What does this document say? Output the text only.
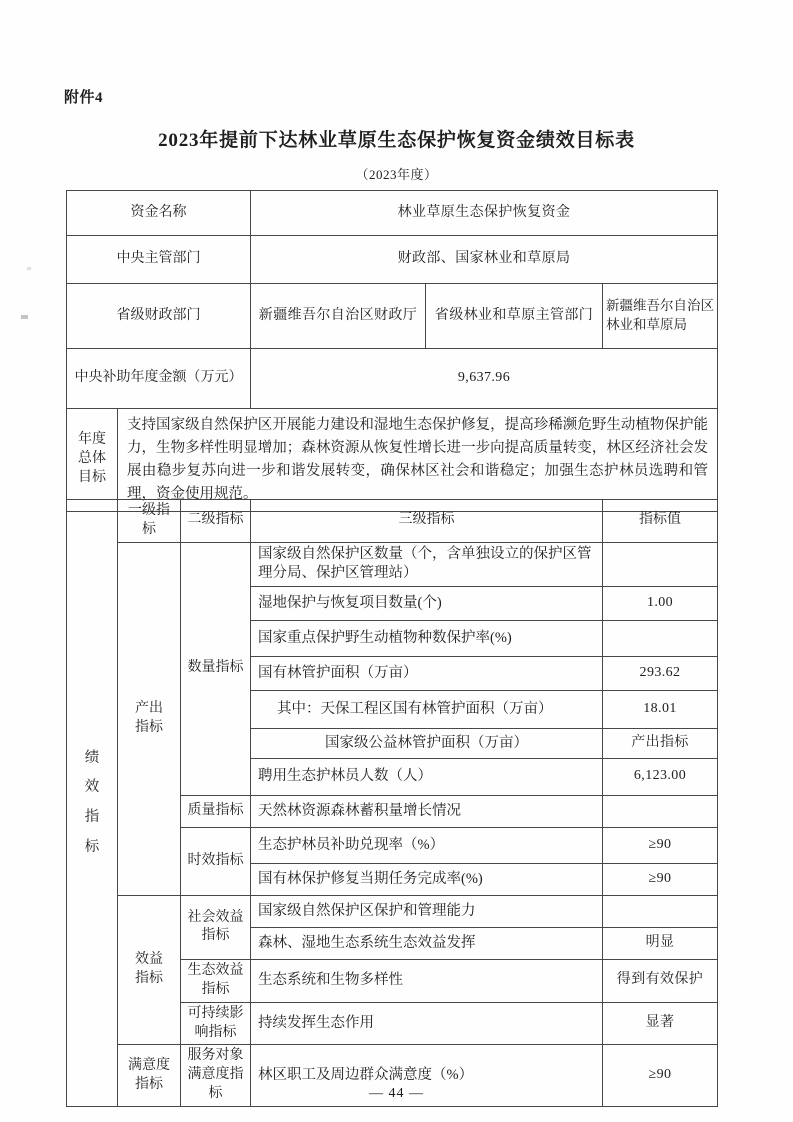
附件4
2023年提前下达林业草原生态保护恢复资金绩效目标表
（2023年度）
资金名称		林业草原生态保护恢复资金		
中央主管部门		财政部、国家林业和草原局		
省级财政部门		新疆维吾尔自治区财政厅	省级林业和草原主管部门	新疆维吾尔自治区林业和草原局
中央补助年度金额（万元）		9,637.96		
年度总体目标	支持国家级自然保护区开展能力建设和湿地生态保护修复，提高珍稀濒危野生动植物保护能力，生物多样性明显增加；森林资源从恢复性增长进一步向提高质量转变，林区经济社会发展由稳步复苏向进一步和谐发展转变，确保林区社会和谐稳定；加强生态护林员选聘和管理，资金使用规范。			
绩效指标	一级指标	二级指标	三级指标	指标值
	产出指标	数量指标	国家级自然保护区数量（个，含单独设立的保护区管理分局、保护区管理站）	
			湿地保护与恢复项目数量(个)	1.00
			国家重点保护野生动植物种数保护率(%)	
			国有林管护面积（万亩）	293.62
			其中：天保工程区国有林管护面积（万亩）	18.01
			国家级公益林管护面积（万亩）	产出指标
			聘用生态护林员人数（人）	6,123.00
		质量指标	天然林资源森林蓄积量增长情况	
		时效指标	生态护林员补助兑现率（%）	≥90
			国有林保护修复当期任务完成率(%)	≥90
	效益指标	社会效益指标	国家级自然保护区保护和管理能力	
			森林、湿地生态系统生态效益发挥	明显
		生态效益指标	生态系统和生物多样性	得到有效保护
		可持续影响指标	持续发挥生态作用	显著
	满意度指标	服务对象满意度指标	林区职工及周边群众满意度（%）	≥90
— 44 —
